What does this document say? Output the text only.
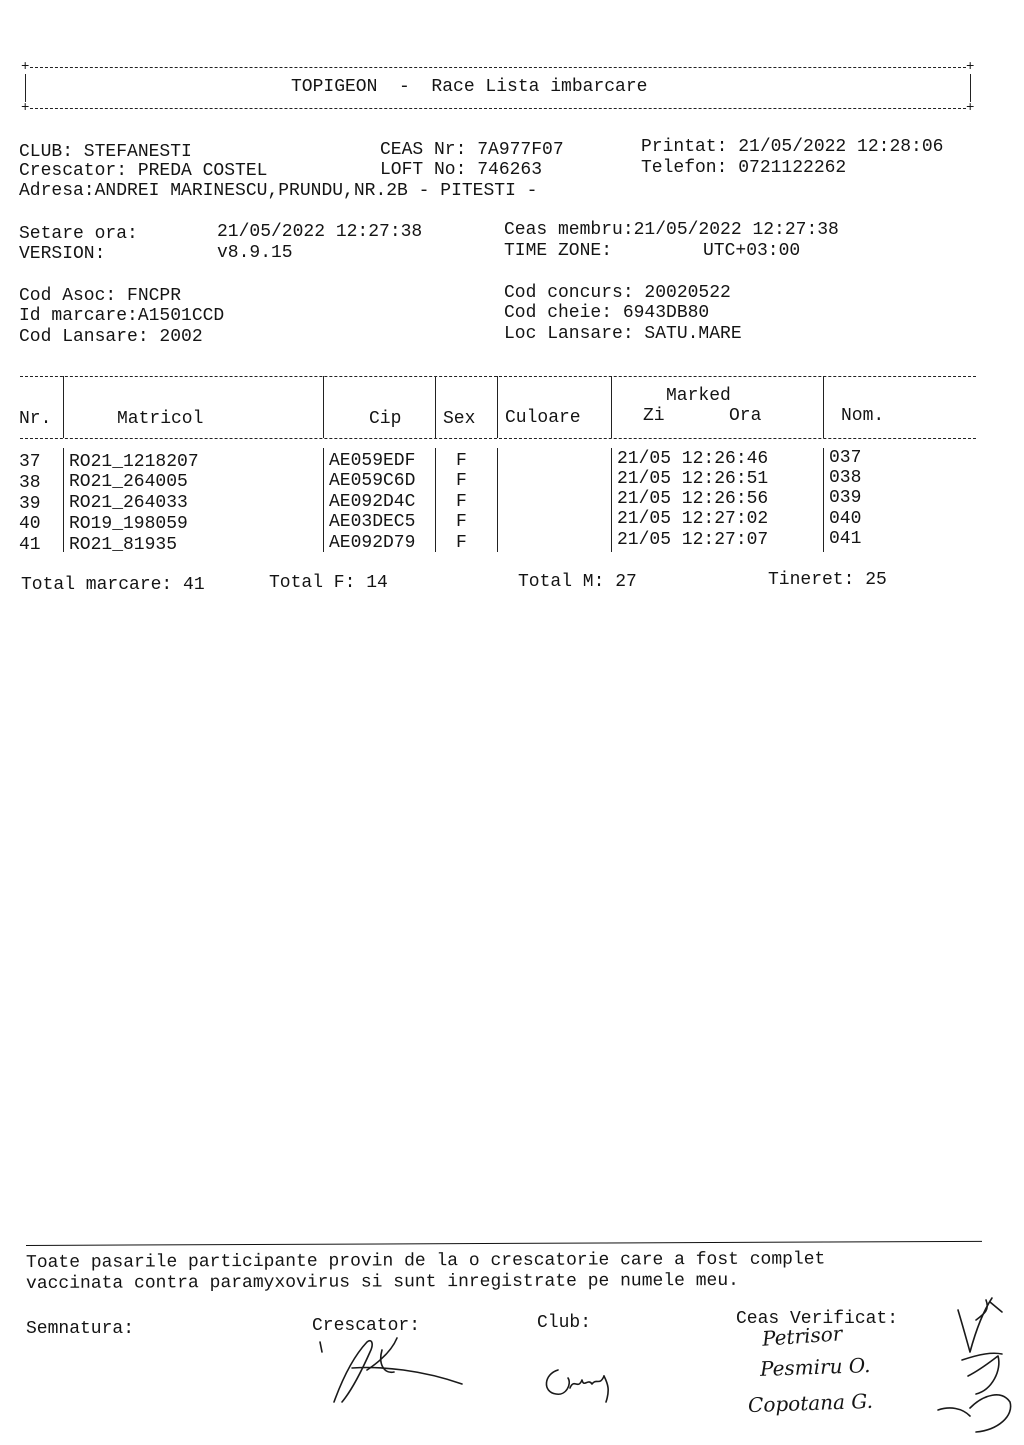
+	+
TOPIGEON  -  Race Lista imbarcare
+	+
CLUB: STEFANESTI
Crescator: PREDA COSTEL
Adresa:ANDREI MARINESCU,PRUNDU,NR.2B - PITESTI -
CEAS Nr: 7A977F07
LOFT No: 746263
Printat: 21/05/2022 12:28:06
Telefon: 0721122262
Setare ora:	21/05/2022 12:27:38
VERSION:	v8.9.15
Ceas membru:21/05/2022 12:27:38
TIME ZONE:	UTC+03:00
Cod Asoc: FNCPR
Id marcare:A1501CCD
Cod Lansare: 2002
Cod concurs: 20020522
Cod cheie: 6943DB80
Loc Lansare: SATU.MARE
Nr.	Matricol	Cip Sex Culoare
Marked
Zi	Ora	Nom.
37 RO21_1218207	AE059EDF F	21/05 12:26:46	037
38 RO21_264005	AE059C6D F	21/05 12:26:51	038
39 RO21_264033	AE092D4C F	21/05 12:26:56	039
40 RO19_198059	AE03DEC5 F	21/05 12:27:02	040
41 RO21_81935	AE092D79 F	21/05 12:27:07	041
Total marcare: 41	Total F: 14	Total M: 27	Tineret: 25
Toate pasarile participante provin de la o crescatorie care a fost complet
vaccinata contra paramyxovirus si sunt inregistrate pe numele meu.
Semnatura:	Crescator:	Club:	Ceas Verificat:
Petrisor
Pesmiru O.
Copotana G.
